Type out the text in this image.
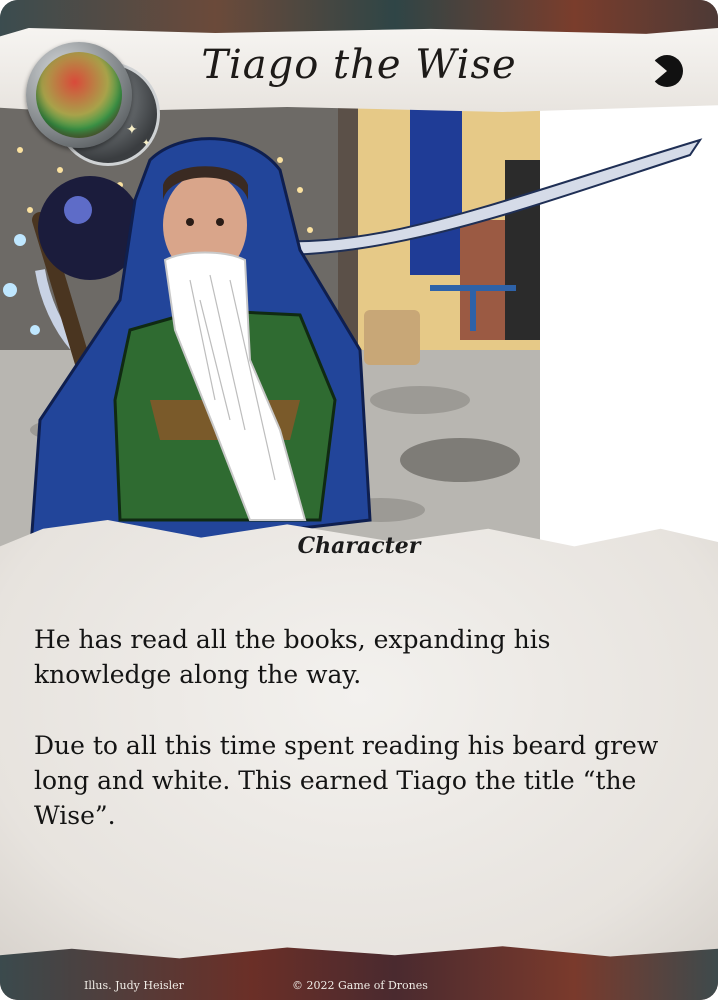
Tiago the Wise
✦
✦
Character

He has read all the books, expanding his knowledge along the way.

Due to all this time spent reading his beard grew long and white. This earned Tiago the title “the Wise”.

Illus. Judy Heisler	© 2022 Game of Drones
